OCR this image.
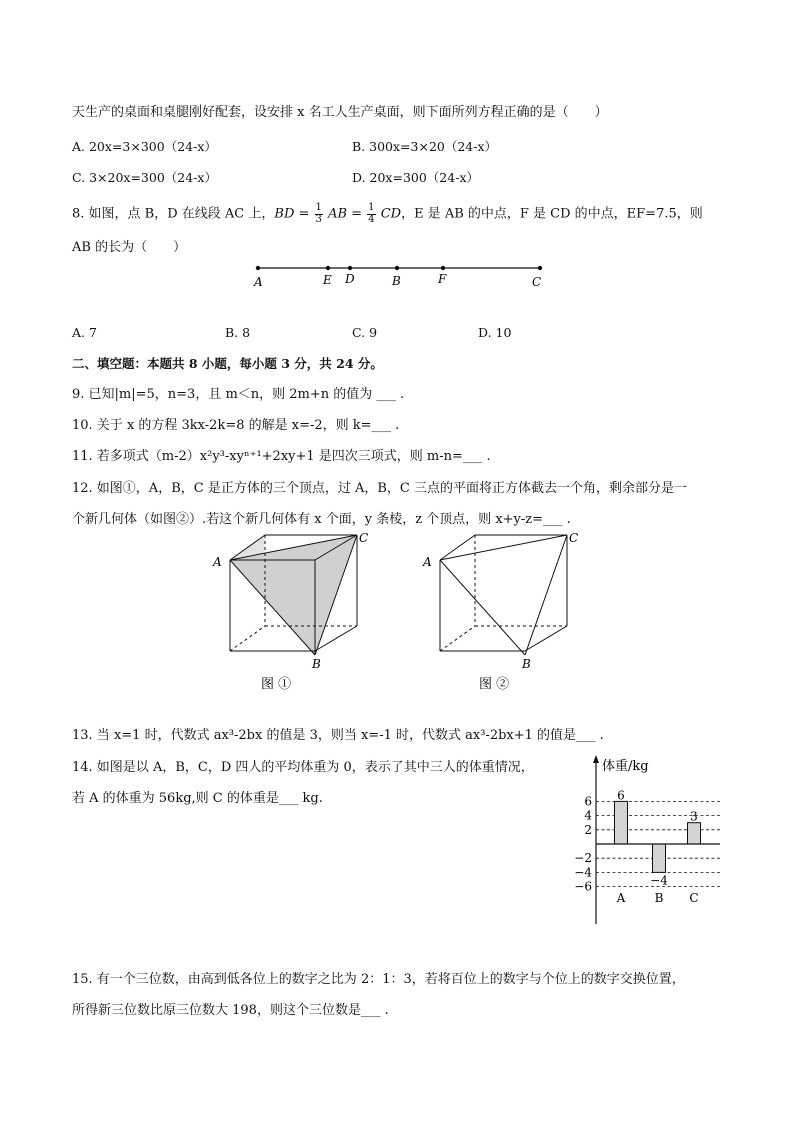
天生产的桌面和桌腿刚好配套，设安排 x 名工人生产桌面，则下面所列方程正确的是（　　）
A. 20x=3×300（24-x）	B. 300x=3×20（24-x）
C. 3×20x=300（24-x）	D. 20x=300（24-x）
8. 如图，点 B，D 在线段 AC 上，BD = $\frac{1}{3}$ AB = $\frac{1}{4}$ CD，E 是 AB 的中点，F 是 CD 的中点，EF=7.5，则
AB 的长为（　　）
A	E D	B	F	C
A. 7	B. 8	C. 9	D. 10
二、填空题：本题共 8 小题，每小题 3 分，共 24 分。
9. 已知|m|=5，n=3，且 m＜n，则 2m+n 的值为 ___ .
10. 关于 x 的方程 3kx-2k=8 的解是 x=-2，则 k=___ .
11. 若多项式（m-2）x²y³-xyⁿ⁺¹+2xy+1 是四次三项式，则 m-n=___ .
12. 如图①，A，B，C 是正方体的三个顶点，过 A，B，C 三点的平面将正方体截去一个角，剩余部分是一
个新几何体（如图②）.若这个新几何体有 x 个面，y 条棱，z 个顶点，则 x+y-z=___ .
A
C
B
图 ①
A
C
B
图 ②
13. 当 x=1 时，代数式 ax³-2bx 的值是 3，则当 x=-1 时，代数式 ax³-2bx+1 的值是___ .
14. 如图是以 A，B，C，D 四人的平均体重为 0，表示了其中三人的体重情况，
若 A 的体重为 56kg,则 C 的体重是___ kg.	6
4
2
−2
−4
−6
6
A
−4
B
3
C
体重/kg
15. 有一个三位数，由高到低各位上的数字之比为 2：1：3，若将百位上的数字与个位上的数字交换位置，
所得新三位数比原三位数大 198，则这个三位数是___ .
